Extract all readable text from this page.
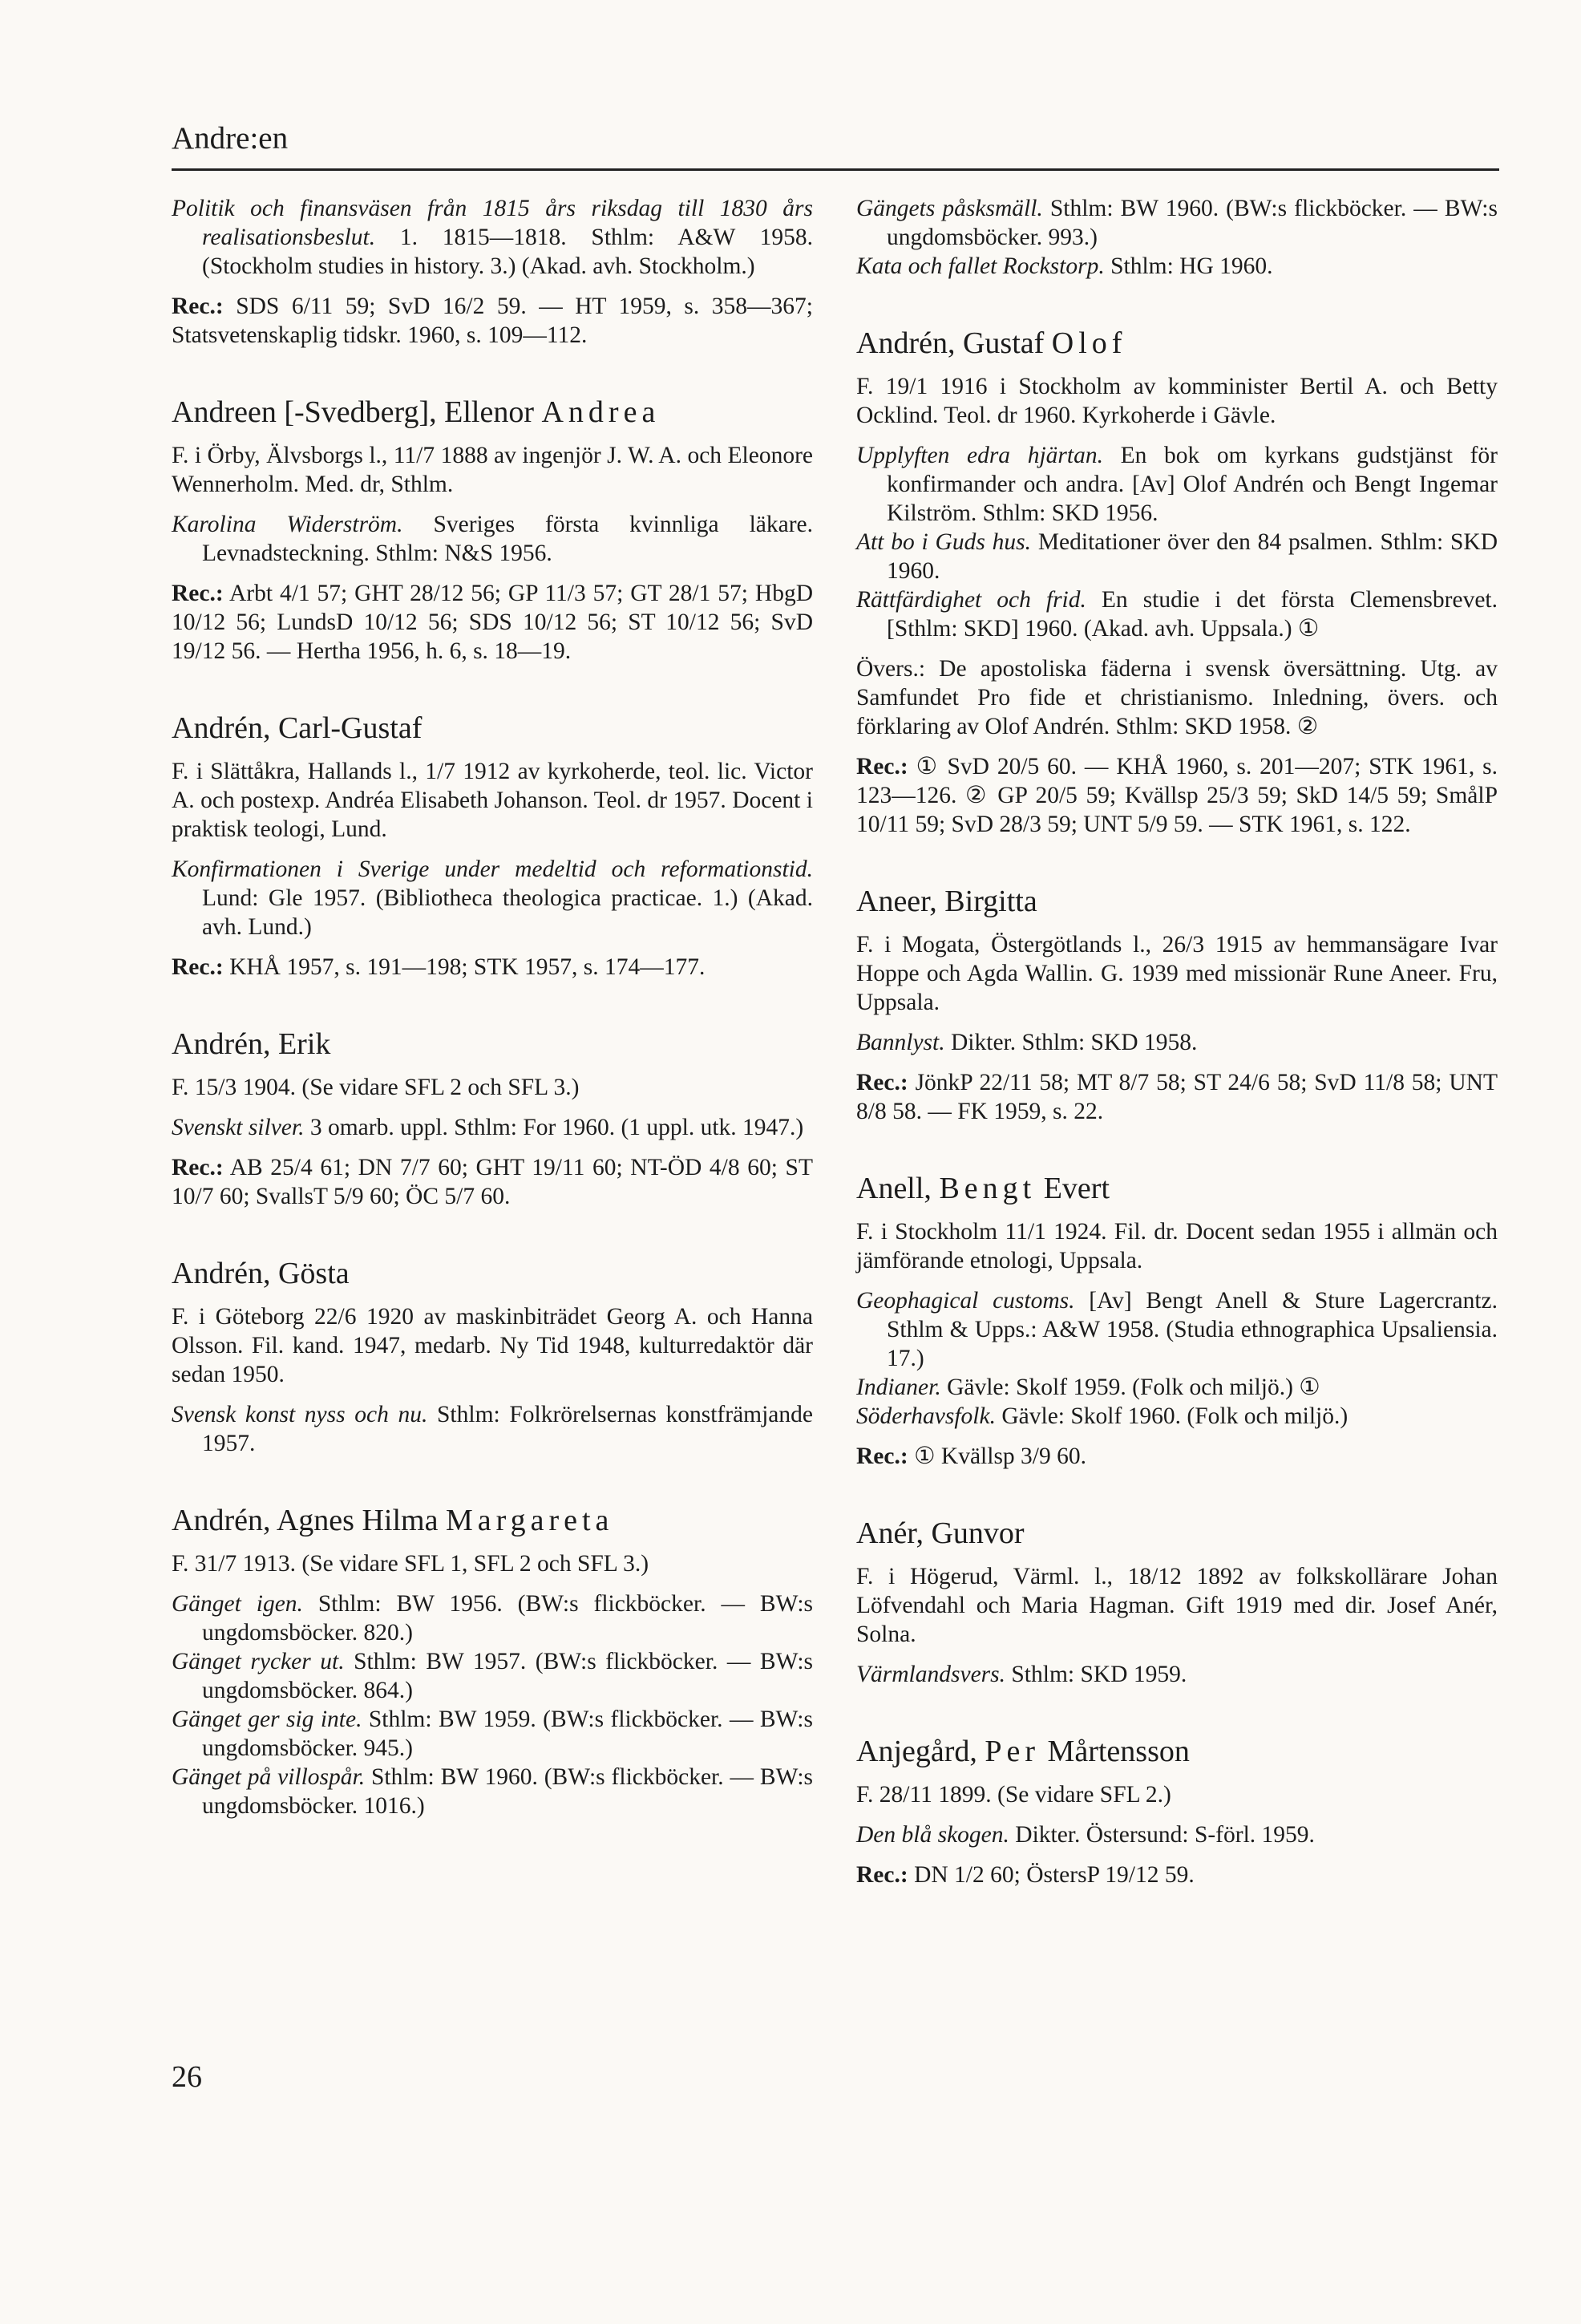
Andre:en

Politik och finansväsen från 1815 års riksdag till 1830 års realisationsbeslut. 1. 1815—1818. Sthlm: A&W 1958. (Stockholm studies in history. 3.) (Akad. avh. Stockholm.)

Rec.: SDS 6/11 59; SvD 16/2 59. — HT 1959, s. 358—367; Statsvetenskaplig tidskr. 1960, s. 109—112.

Andreen [-Svedberg], Ellenor Andrea

F. i Örby, Älvsborgs l., 11/7 1888 av ingenjör J. W. A. och Eleonore Wennerholm. Med. dr, Sthlm.

Karolina Widerström. Sveriges första kvinnliga läkare. Levnadsteckning. Sthlm: N&S 1956.

Rec.: Arbt 4/1 57; GHT 28/12 56; GP 11/3 57; GT 28/1 57; HbgD 10/12 56; LundsD 10/12 56; SDS 10/12 56; ST 10/12 56; SvD 19/12 56. — Hertha 1956, h. 6, s. 18—19.

Andrén, Carl-Gustaf

F. i Slättåkra, Hallands l., 1/7 1912 av kyrkoherde, teol. lic. Victor A. och postexp. Andréa Elisabeth Johanson. Teol. dr 1957. Docent i praktisk teologi, Lund.

Konfirmationen i Sverige under medeltid och reformationstid. Lund: Gle 1957. (Bibliotheca theologica practicae. 1.) (Akad. avh. Lund.)

Rec.: KHÅ 1957, s. 191—198; STK 1957, s. 174—177.

Andrén, Erik

F. 15/3 1904. (Se vidare SFL 2 och SFL 3.)

Svenskt silver. 3 omarb. uppl. Sthlm: For 1960. (1 uppl. utk. 1947.)

Rec.: AB 25/4 61; DN 7/7 60; GHT 19/11 60; NT-ÖD 4/8 60; ST 10/7 60; SvallsT 5/9 60; ÖC 5/7 60.

Andrén, Gösta

F. i Göteborg 22/6 1920 av maskinbiträdet Georg A. och Hanna Olsson. Fil. kand. 1947, medarb. Ny Tid 1948, kulturredaktör där sedan 1950.

Svensk konst nyss och nu. Sthlm: Folkrörelsernas konstfrämjande 1957.

Andrén, Agnes Hilma Margareta

F. 31/7 1913. (Se vidare SFL 1, SFL 2 och SFL 3.)

Gänget igen. Sthlm: BW 1956. (BW:s flickböcker. — BW:s ungdomsböcker. 820.)

Gänget rycker ut. Sthlm: BW 1957. (BW:s flickböcker. — BW:s ungdomsböcker. 864.)

Gänget ger sig inte. Sthlm: BW 1959. (BW:s flickböcker. — BW:s ungdomsböcker. 945.)

Gänget på villospår. Sthlm: BW 1960. (BW:s flickböcker. — BW:s ungdomsböcker. 1016.)

Gängets påsksmäll. Sthlm: BW 1960. (BW:s flickböcker. — BW:s ungdomsböcker. 993.)

Kata och fallet Rockstorp. Sthlm: HG 1960.

Andrén, Gustaf Olof

F. 19/1 1916 i Stockholm av komminister Bertil A. och Betty Ocklind. Teol. dr 1960. Kyrkoherde i Gävle.

Upplyften edra hjärtan. En bok om kyrkans gudstjänst för konfirmander och andra. [Av] Olof Andrén och Bengt Ingemar Kilström. Sthlm: SKD 1956.

Att bo i Guds hus. Meditationer över den 84 psalmen. Sthlm: SKD 1960.

Rättfärdighet och frid. En studie i det första Clemensbrevet. [Sthlm: SKD] 1960. (Akad. avh. Uppsala.) ①

Övers.: De apostoliska fäderna i svensk översättning. Utg. av Samfundet Pro fide et christianismo. Inledning, övers. och förklaring av Olof Andrén. Sthlm: SKD 1958. ②

Rec.: ① SvD 20/5 60. — KHÅ 1960, s. 201—207; STK 1961, s. 123—126. ② GP 20/5 59; Kvällsp 25/3 59; SkD 14/5 59; SmålP 10/11 59; SvD 28/3 59; UNT 5/9 59. — STK 1961, s. 122.

Aneer, Birgitta

F. i Mogata, Östergötlands l., 26/3 1915 av hemmansägare Ivar Hoppe och Agda Wallin. G. 1939 med missionär Rune Aneer. Fru, Uppsala.

Bannlyst. Dikter. Sthlm: SKD 1958.

Rec.: JönkP 22/11 58; MT 8/7 58; ST 24/6 58; SvD 11/8 58; UNT 8/8 58. — FK 1959, s. 22.

Anell, Bengt Evert

F. i Stockholm 11/1 1924. Fil. dr. Docent sedan 1955 i allmän och jämförande etnologi, Uppsala.

Geophagical customs. [Av] Bengt Anell & Sture Lagercrantz. Sthlm & Upps.: A&W 1958. (Studia ethnographica Upsaliensia. 17.)

Indianer. Gävle: Skolf 1959. (Folk och miljö.) ①

Söderhavsfolk. Gävle: Skolf 1960. (Folk och miljö.)

Rec.: ① Kvällsp 3/9 60.

Anér, Gunvor

F. i Högerud, Värml. l., 18/12 1892 av folkskollärare Johan Löfvendahl och Maria Hagman. Gift 1919 med dir. Josef Anér, Solna.

Värmlandsvers. Sthlm: SKD 1959.

Anjegård, Per Mårtensson

F. 28/11 1899. (Se vidare SFL 2.)

Den blå skogen. Dikter. Östersund: S-förl. 1959.

Rec.: DN 1/2 60; ÖstersP 19/12 59.

26
